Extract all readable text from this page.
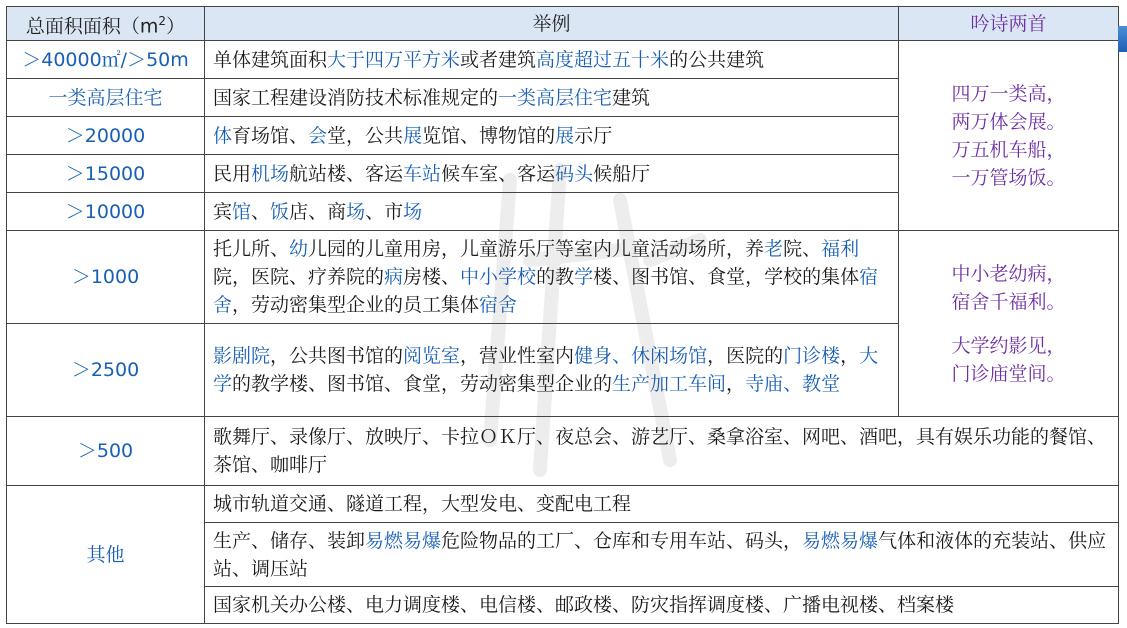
总面积面积$(m^2)$	举例	吟诗两首
＞40000㎡/＞50m	单体建筑面积大于四万平方米或者建筑高度超过五十米的公共建筑	四万一类高，
两万体会展。
万五机车船，
一万管场饭。

一类高层住宅	国家工程建设消防技术标准规定的一类高层住宅建筑	
＞20000	体育场馆、会堂，公共展览馆、博物馆的展示厅	
＞15000	民用机场航站楼、客运车站候车室、客运码头候船厅	
＞10000	宾馆、饭店、商场、市场	
＞1000	托儿所、幼儿园的儿童用房，儿童游乐厅等室内儿童活动场所，养老院、福利院，医院、疗养院的病房楼、中小学校的教学楼、图书馆、食堂，学校的集体宿舍，劳动密集型企业的员工集体宿舍	中小老幼病，
宿舍千福利。
大学约影见，
门诊庙堂间。

＞2500	影剧院，公共图书馆的阅览室，营业性室内健身、休闲场馆，医院的门诊楼，大学的教学楼、图书馆、食堂，劳动密集型企业的生产加工车间，寺庙、教堂	
＞500	歌舞厅、录像厅、放映厅、卡拉ＯＫ厅、夜总会、游艺厅、桑拿浴室、网吧、酒吧，具有娱乐功能的餐馆、茶馆、咖啡厅	
其他	城市轨道交通、隧道工程，大型发电、变配电工程	
	生产、储存、装卸易燃易爆危险物品的工厂、仓库和专用车站、码头，易燃易爆气体和液体的充装站、供应站、调压站	
	国家机关办公楼、电力调度楼、电信楼、邮政楼、防灾指挥调度楼、广播电视楼、档案楼	
